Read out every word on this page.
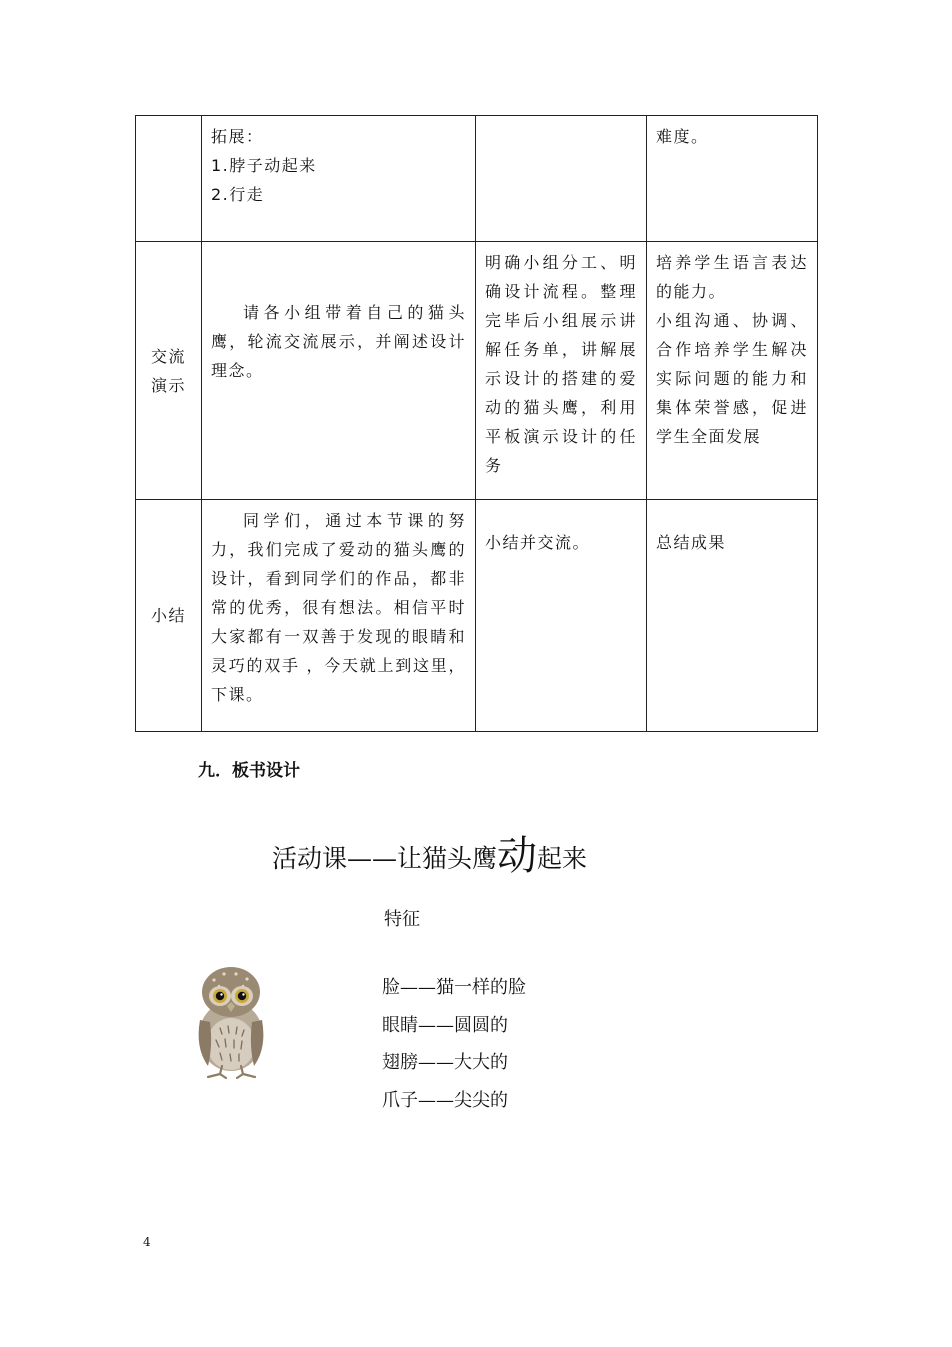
	拓展：
1.脖子动起来
2.行走		难度。
交流
演示	请各小组带着自己的猫头鹰，轮流交流展示，并阐述设计理念。	明确小组分工、明确设计流程。整理完毕后小组展示讲解任务单，讲解展示设计的搭建的爱动的猫头鹰，利用平板演示设计的任务	培养学生语言表达的能力。
小组沟通、协调、合作培养学生解决实际问题的能力和集体荣誉感，促进学生全面发展
小结	同学们，通过本节课的努力，我们完成了爱动的猫头鹰的设计，看到同学们的作品，都非常的优秀，很有想法。相信平时大家都有一双善于发现的眼睛和灵巧的双手 ，今天就上到这里，下课。	小结并交流。	总结成果
九．板书设计
活动课——让猫头鹰动起来
特征
脸——猫一样的脸
眼睛——圆圆的
翅膀——大大的
爪子——尖尖的
4
